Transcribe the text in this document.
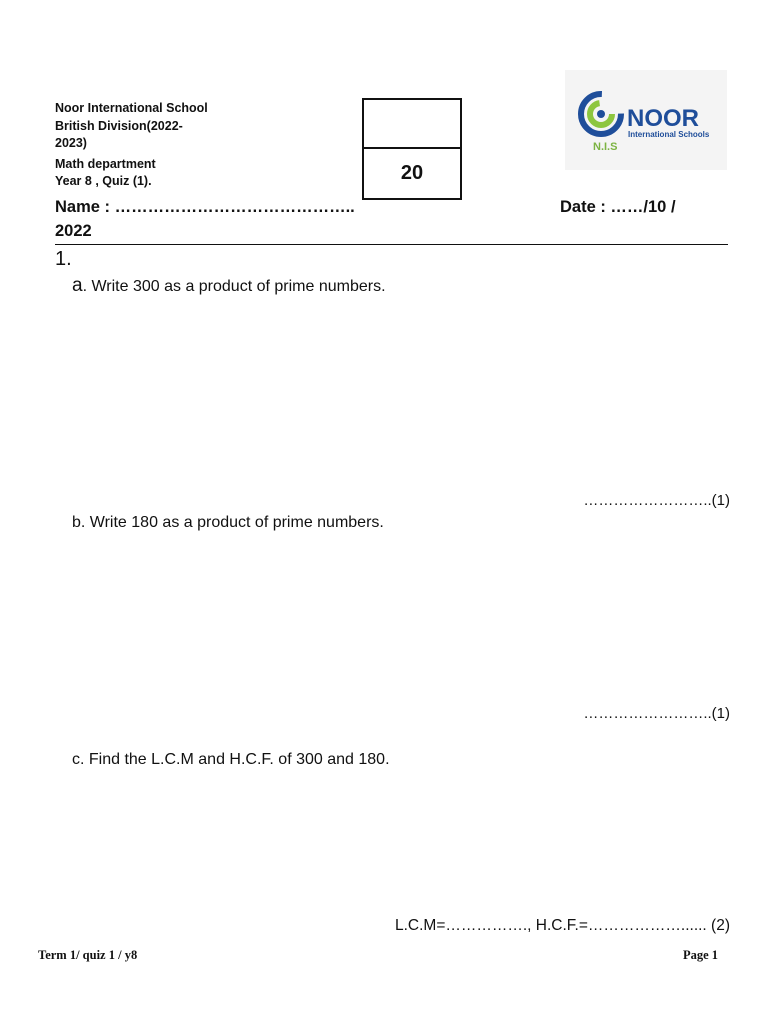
Noor International School
British Division(2022-
2023)
Math department
Year 8 , Quiz (1).	20
NOOR
International Schools
N.I.S
Name : ……………………………………..	Date : ……/10 /
2022
1.
a. Write 300 as a product of prime numbers.
……………………..(1)
b. Write 180 as a product of prime numbers.
……………………..(1)
c. Find the L.C.M and H.C.F. of 300 and 180.
L.C.M=……………., H.C.F.=………………...... (2)
Term 1/ quiz 1 / y8	Page 1
